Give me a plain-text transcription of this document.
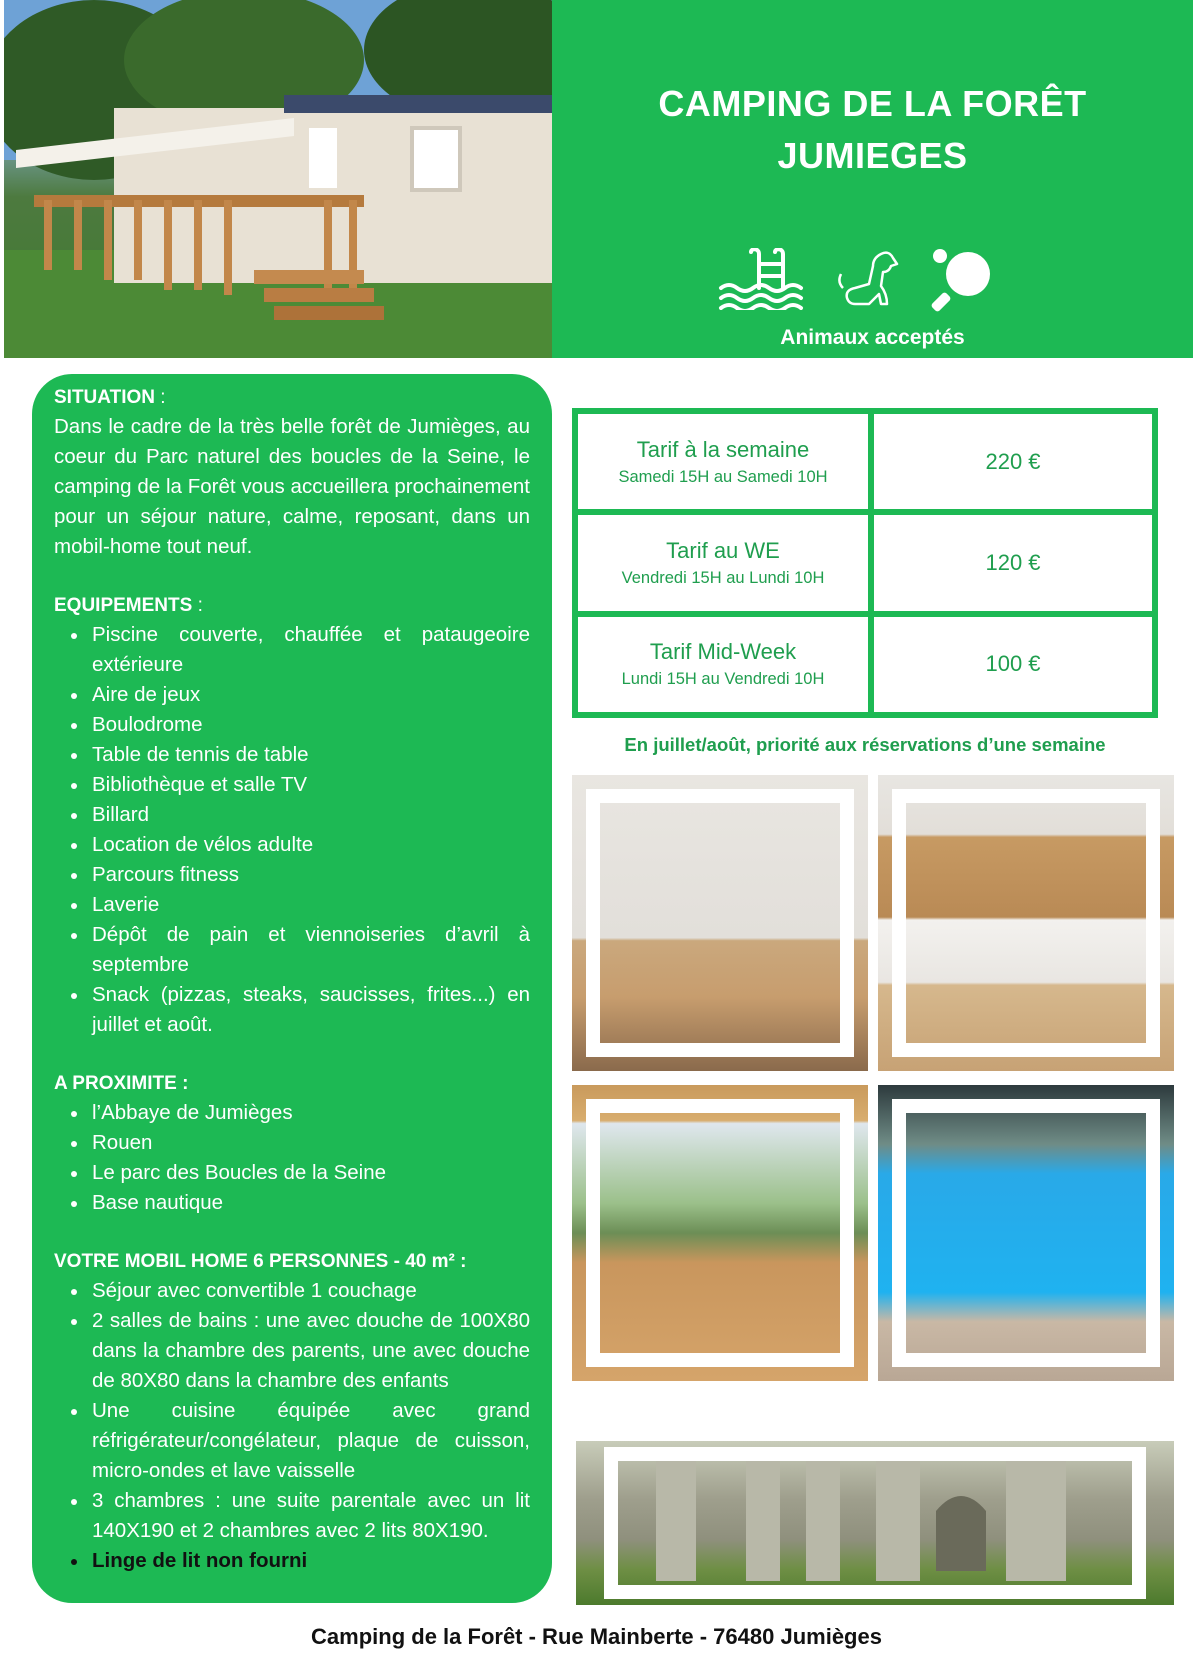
CAMPING DE LA FORÊT
JUMIEGES
Animaux acceptés
SITUATION :

Dans le cadre de la très belle forêt de Jumièges, au coeur du Parc naturel des boucles de la Seine, le camping de la Forêt vous accueillera prochainement pour un séjour nature, calme, reposant, dans un mobil-home tout neuf.

EQUIPEMENTS :
Piscine couverte, chauffée et pataugeoire extérieure
Aire de jeux
Boulodrome
Table de tennis de table
Bibliothèque et salle TV
Billard
Location de vélos adulte
Parcours fitness
Laverie
Dépôt de pain et viennoiseries d’avril à septembre
Snack (pizzas, steaks, saucisses, frites...) en juillet et août.
A PROXIMITE :
l’Abbaye de Jumièges
Rouen
Le parc des Boucles de la Seine
Base nautique
VOTRE MOBIL HOME 6 PERSONNES - 40 m² :
Séjour avec convertible 1 couchage
2 salles de bains : une avec douche de 100X80 dans la chambre des parents, une avec douche de 80X80 dans la chambre des enfants
Une cuisine équipée avec grand réfrigérateur/congélateur, plaque de cuisson, micro-ondes et lave vaisselle
3 chambres : une suite parentale avec un lit 140X190 et 2 chambres avec 2 lits 80X190.
Linge de lit non fourni
Tarif à la semaine
Samedi 15H au Samedi 10H
220 €
Tarif au WE
Vendredi 15H au Lundi 10H
120 €
Tarif Mid-Week
Lundi 15H au Vendredi 10H
100 €
En juillet/août, priorité aux réservations d’une semaine
Camping de la Forêt - Rue Mainberte - 76480 Jumièges
